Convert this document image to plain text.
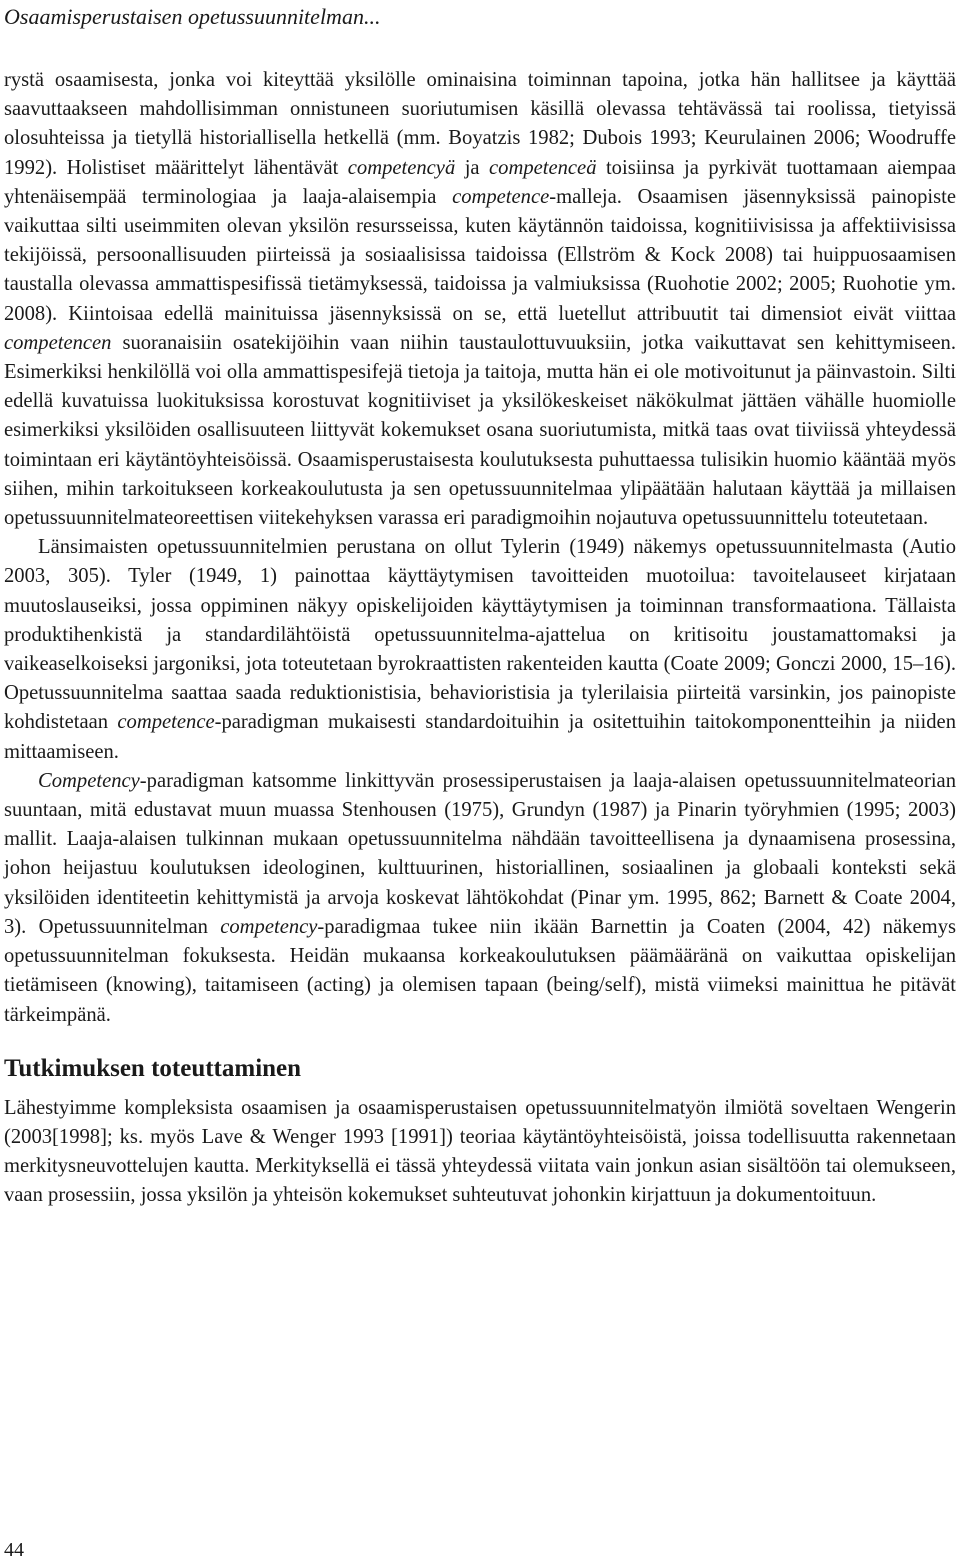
Osaamisperustaisen opetussuunnitelman...

rystä osaamisesta, jonka voi kiteyttää yksilölle ominaisina toiminnan tapoina, jotka hän hallitsee ja käyttää saavuttaakseen mahdollisimman onnistuneen suoriutumisen käsillä olevassa tehtävässä tai roolissa, tietyissä olosuhteissa ja tietyllä historiallisella hetkellä (mm. Boyatzis 1982; Dubois 1993; Keurulainen 2006; Woodruffe 1992). Holistiset määrittelyt lähentävät competencyä ja competenceä toisiinsa ja pyrkivät tuottamaan aiempaa yhtenäisempää terminologiaa ja laaja-alaisempia competence-malleja. Osaamisen jäsennyksissä painopiste vaikuttaa silti useimmiten olevan yksilön resursseissa, kuten käytännön taidoissa, kognitiivisissa ja affektiivisissa tekijöissä, persoonallisuuden piirteissä ja sosiaalisissa taidoissa (Ellström & Kock 2008) tai huippuosaamisen taustalla olevassa ammattispesifissä tietämyksessä, taidoissa ja valmiuksissa (Ruohotie 2002; 2005; Ruohotie ym. 2008). Kiintoisaa edellä mainituissa jäsennyksissä on se, että luetellut attribuutit tai dimensiot eivät viittaa competencen suoranaisiin osatekijöihin vaan niihin taustaulottuvuuksiin, jotka vaikuttavat sen kehittymiseen. Esimerkiksi henkilöllä voi olla ammattispesifejä tietoja ja taitoja, mutta hän ei ole motivoitunut ja päinvastoin. Silti edellä kuvatuissa luokituksissa korostuvat kognitiiviset ja yksilökeskeiset näkökulmat jättäen vähälle huomiolle esimerkiksi yksilöiden osallisuuteen liittyvät kokemukset osana suoriutumista, mitkä taas ovat tiiviissä yhteydessä toimintaan eri käytäntöyhteisöissä. Osaamisperustaisesta koulutuksesta puhuttaessa tulisikin huomio kääntää myös siihen, mihin tarkoitukseen korkeakoulutusta ja sen opetussuunnitelmaa ylipäätään halutaan käyttää ja millaisen opetussuunnitelmateoreettisen viitekehyksen varassa eri paradigmoihin nojautuva opetussuunnittelu toteutetaan.

Länsimaisten opetussuunnitelmien perustana on ollut Tylerin (1949) näkemys opetussuunnitelmasta (Autio 2003, 305). Tyler (1949, 1) painottaa käyttäytymisen tavoitteiden muotoilua: tavoitelauseet kirjataan muutoslauseiksi, jossa oppiminen näkyy opiskelijoiden käyttäytymisen ja toiminnan transformaationa. Tällaista produktihenkistä ja standardilähtöistä opetussuunnitelma-ajattelua on kritisoitu joustamattomaksi ja vaikeaselkoiseksi jargoniksi, jota toteutetaan byrokraattisten rakenteiden kautta (Coate 2009; Gonczi 2000, 15–16). Opetussuunnitelma saattaa saada reduktionistisia, behavioristisia ja tylerilaisia piirteitä varsinkin, jos painopiste kohdistetaan competence-paradigman mukaisesti standardoituihin ja ositettuihin taitokomponentteihin ja niiden mittaamiseen.

Competency-paradigman katsomme linkittyvän prosessiperustaisen ja laaja-alaisen opetussuunnitelmateorian suuntaan, mitä edustavat muun muassa Stenhousen (1975), Grundyn (1987) ja Pinarin työryhmien (1995; 2003) mallit. Laaja-alaisen tulkinnan mukaan opetussuunnitelma nähdään tavoitteellisena ja dynaamisena prosessina, johon heijastuu koulutuksen ideologinen, kulttuurinen, historiallinen, sosiaalinen ja globaali konteksti sekä yksilöiden identiteetin kehittymistä ja arvoja koskevat lähtökohdat (Pinar ym. 1995, 862; Barnett & Coate 2004, 3). Opetussuunnitelman competency-paradigmaa tukee niin ikään Barnettin ja Coaten (2004, 42) näkemys opetussuunnitelman fokuksesta. Heidän mukaansa korkeakoulutuksen päämääränä on vaikuttaa opiskelijan tietämiseen (knowing), taitamiseen (acting) ja olemisen tapaan (being/self), mistä viimeksi mainittua he pitävät tärkeimpänä.

Tutkimuksen toteuttaminen

Lähestyimme kompleksista osaamisen ja osaamisperustaisen opetussuunnitelmatyön ilmiötä soveltaen Wengerin (2003[1998]; ks. myös Lave & Wenger 1993 [1991]) teoriaa käytäntöyhteisöistä, joissa todellisuutta rakennetaan merkitysneuvottelujen kautta. Merkityksellä ei tässä yhteydessä viitata vain jonkun asian sisältöön tai olemukseen, vaan prosessiin, jossa yksilön ja yhteisön kokemukset suhteutuvat johonkin kirjattuun ja dokumentoituun.

44
